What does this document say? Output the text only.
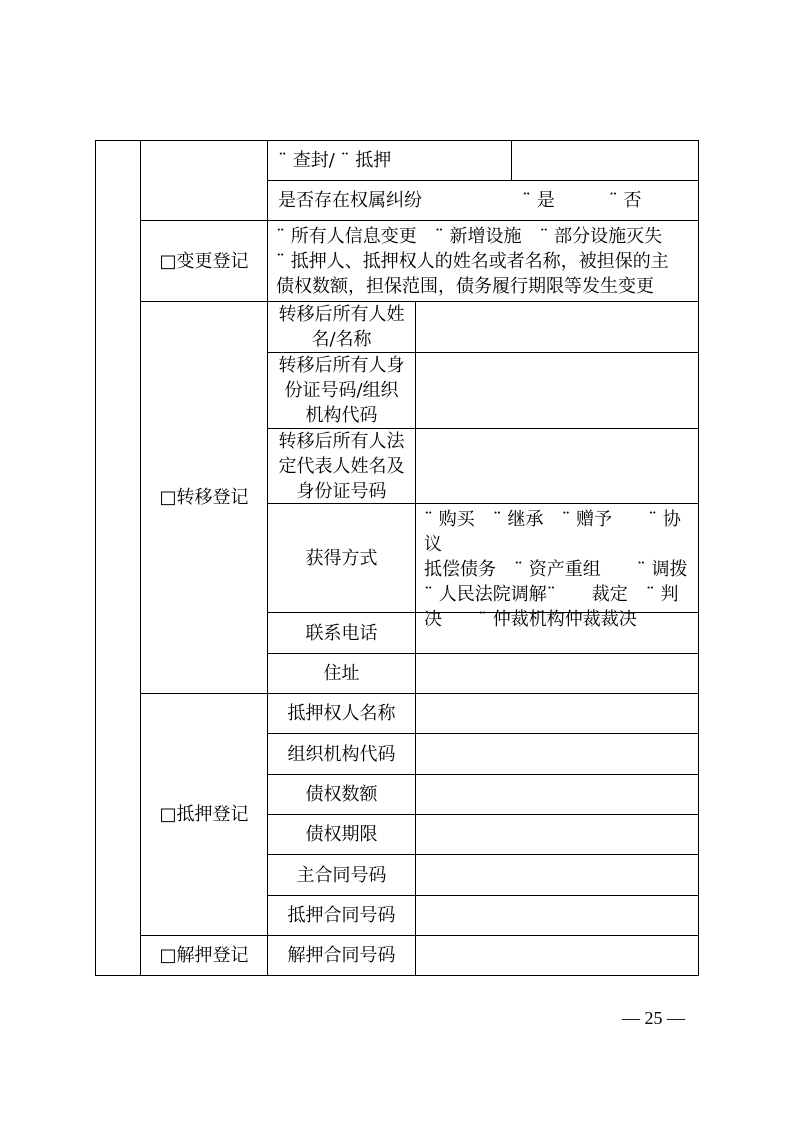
¨ 查封/ ¨ 抵押
是否存在权属纠纷	¨ 是　　　¨ 否
□变更登记
¨ 所有人信息变更　¨ 新增设施　¨ 部分设施灭失
¨ 抵押人、抵押权人的姓名或者名称，被担保的主
债权数额，担保范围，债务履行期限等发生变更
□转移登记
转移后所有人姓
名/名称
转移后所有人身
份证号码/组织
机构代码
转移后所有人法
定代表人姓名及
身份证号码
获得方式
¨ 购买　¨ 继承　¨ 赠予　　¨ 协议
抵偿债务　¨ 资产重组　　¨ 调拨
¨ 人民法院调解¨　　裁定　¨ 判
决　　¨ 仲裁机构仲裁裁决
联系电话
住址
□抵押登记
抵押权人名称
组织机构代码
债权数额
债权期限
主合同号码
抵押合同号码
□解押登记 解押合同号码
— 25 —
